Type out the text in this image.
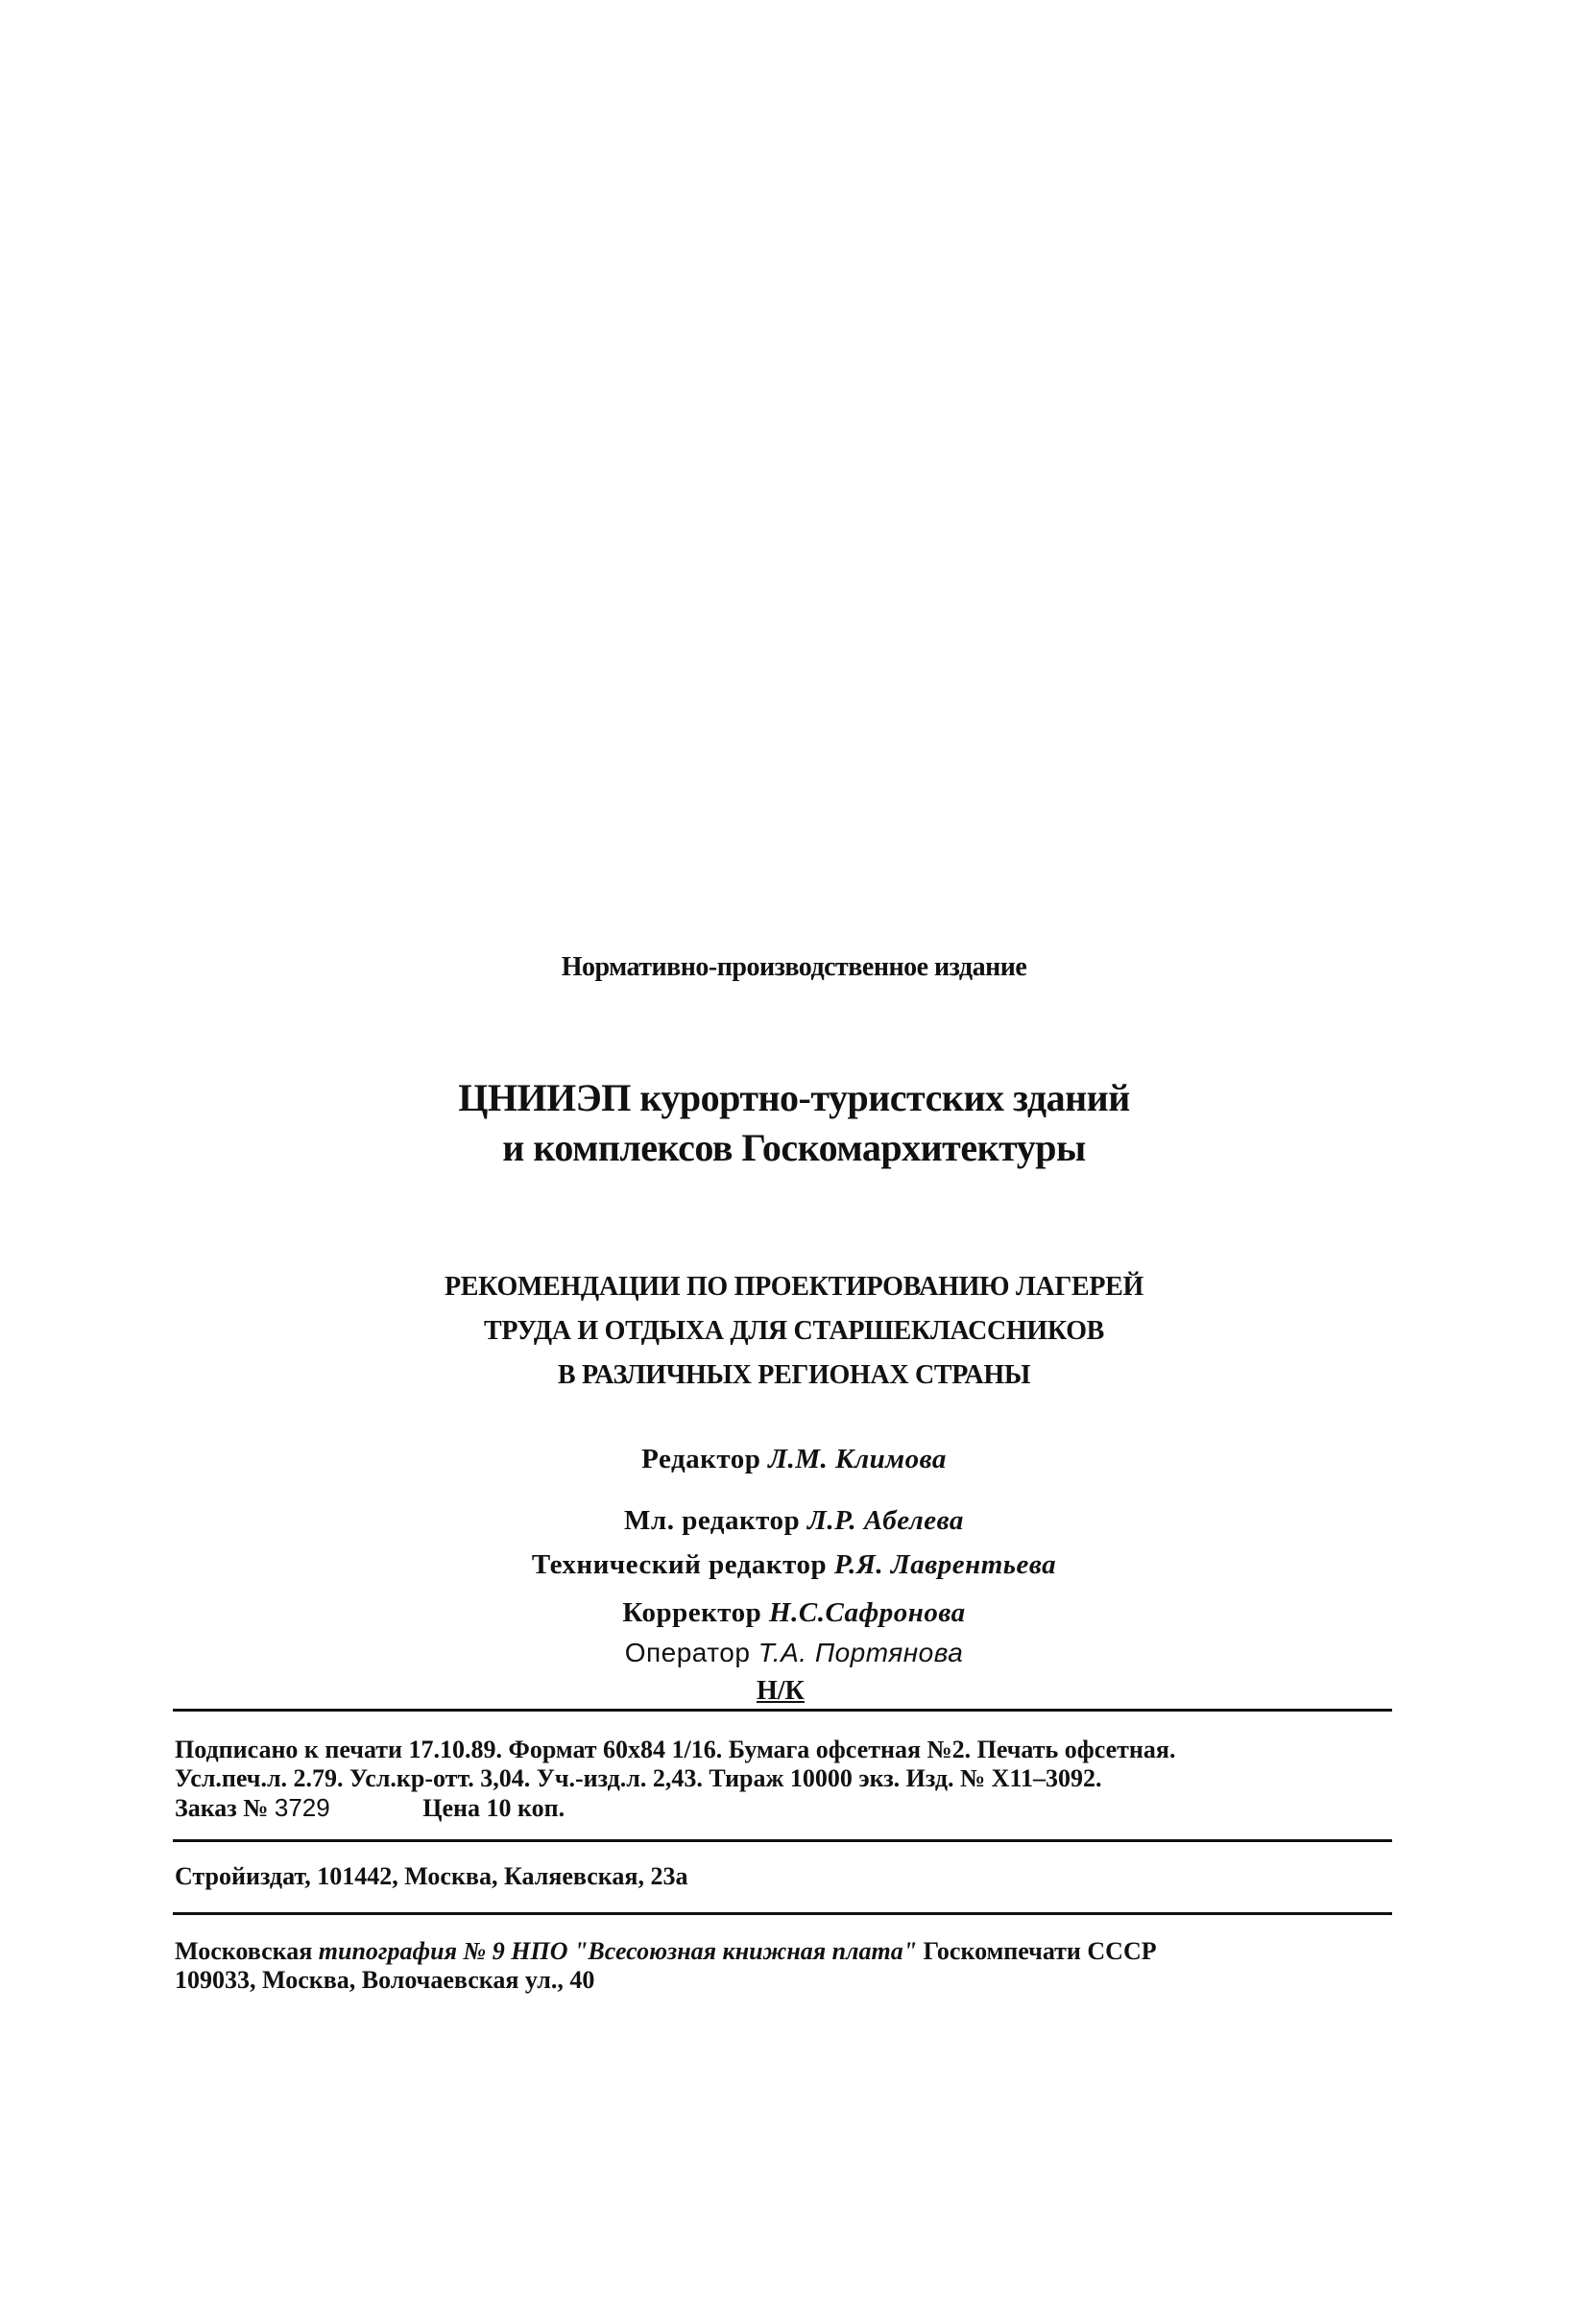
Нормативно-производственное издание
ЦНИИЭП курортно-туристских зданий
и комплексов Госкомархитектуры
РЕКОМЕНДАЦИИ ПО ПРОЕКТИРОВАНИЮ ЛАГЕРЕЙ
ТРУДА И ОТДЫХА ДЛЯ СТАРШЕКЛАССНИКОВ
В РАЗЛИЧНЫХ РЕГИОНАХ СТРАНЫ
Редактор Л.М. Климова
Мл. редактор Л.Р. Абелева
Технический редактор Р.Я. Лаврентьева
Корректор Н.С.Сафронова
Оператор Т.А. Портянова
Н/К
Подписано к печати 17.10.89. Формат 60x84 1/16. Бумага офсетная №2. Печать офсетная.
Усл.печ.л. 2.79. Усл.кр-отт. 3,04. Уч.-изд.л. 2,43. Тираж 10000 экз. Изд. № Х11–3092.
Заказ № 3729	Цена 10 коп.
Стройиздат, 101442, Москва, Каляевская, 23а
Московская типография № 9 НПО "Всесоюзная книжная плата" Госкомпечати СССР
109033, Москва, Волочаевская ул., 40
